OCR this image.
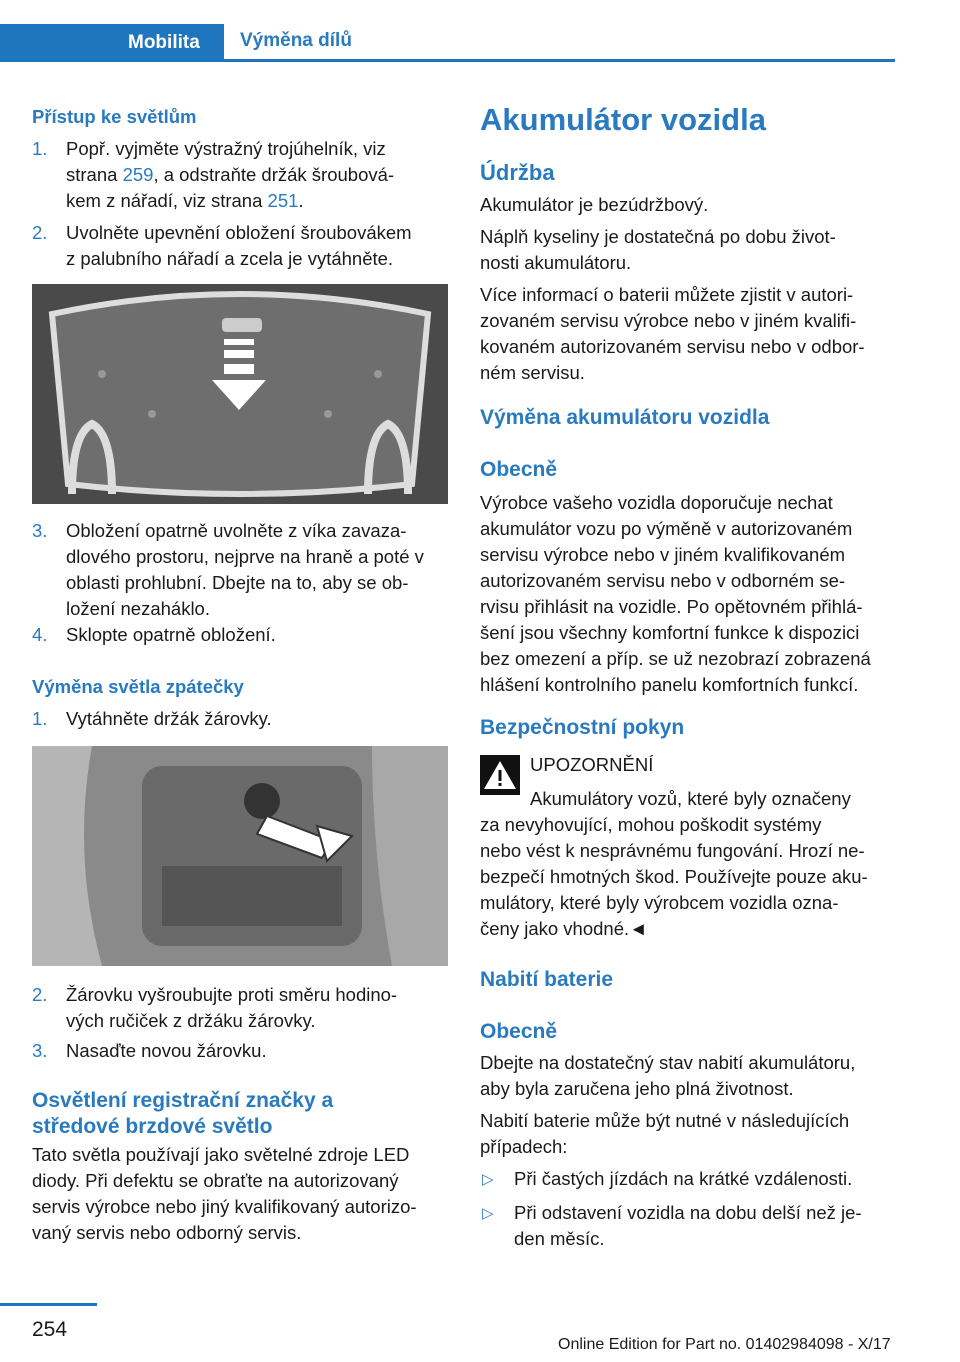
Mobilita Výměna dílů
Přístup ke světlům
1. Popř. vyjměte výstražný trojúhelník, viz
strana 259, a odstraňte držák šroubová-
kem z nářadí, viz strana 251.
2. Uvolněte upevnění obložení šroubovákem
z palubního nářadí a zcela je vytáhněte.
3. Obložení opatrně uvolněte z víka zavaza-
dlového prostoru, nejprve na hraně a poté v
oblasti prohlubní. Dbejte na to, aby se ob-
ložení nezaháklo.
4. Sklopte opatrně obložení.
Výměna světla zpátečky
1. Vytáhněte držák žárovky.
2. Žárovku vyšroubujte proti směru hodino-
vých ručiček z držáku žárovky.
3. Nasaďte novou žárovku.
Osvětlení registrační značky a
středové brzdové světlo
Tato světla používají jako světelné zdroje LED
diody. Při defektu se obraťte na autorizovaný
servis výrobce nebo jiný kvalifikovaný autorizo-
vaný servis nebo odborný servis.
Akumulátor vozidla
Údržba
Akumulátor je bezúdržbový.
Náplň kyseliny je dostatečná po dobu život-
nosti akumulátoru.
Více informací o baterii můžete zjistit v autori-
zovaném servisu výrobce nebo v jiném kvalifi-
kovaném autorizovaném servisu nebo v odbor-
ném servisu.
Výměna akumulátoru vozidla
Obecně
Výrobce vašeho vozidla doporučuje nechat
akumulátor vozu po výměně v autorizovaném
servisu výrobce nebo v jiném kvalifikovaném
autorizovaném servisu nebo v odborném se-
rvisu přihlásit na vozidle. Po opětovném přihlá-
šení jsou všechny komfortní funkce k dispozici
bez omezení a příp. se už nezobrazí zobrazená
hlášení kontrolního panelu komfortních funkcí.
Bezpečnostní pokyn
UPOZORNĚNÍ
Akumulátory vozů, které byly označeny
za nevyhovující, mohou poškodit systémy
nebo vést k nesprávnému fungování. Hrozí ne-
bezpečí hmotných škod. Používejte pouze aku-
mulátory, které byly výrobcem vozidla ozna-
čeny jako vhodné.◄
Nabití baterie
Obecně
Dbejte na dostatečný stav nabití akumulátoru,
aby byla zaručena jeho plná životnost.
Nabití baterie může být nutné v následujících
případech:
▷ Při častých jízdách na krátké vzdálenosti.
▷ Při odstavení vozidla na dobu delší než je-
den měsíc.
254
Online Edition for Part no. 01402984098 - X/17
